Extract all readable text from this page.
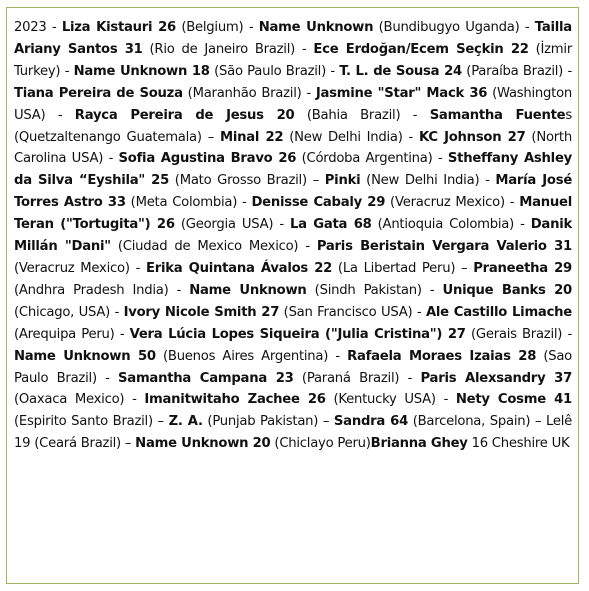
2023 - Liza Kistauri 26 (Belgium) - Name Unknown (Bundibugyo Uganda) - Tailla Ariany Santos 31 (Rio de Janeiro Brazil) - Ece Erdoğan/Ecem Seçkin 22 (İzmir Turkey) - Name Unknown 18 (São Paulo Brazil) - T. L. de Sousa 24 (Paraíba Brazil) - Tiana Pereira de Souza (Maranhão Brazil) - Jasmine "Star" Mack 36 (Washington USA) - Rayca Pereira de Jesus 20 (Bahia Brazil) - Samantha Fuentes (Quetzaltenango Guatemala) – Minal 22 (New Delhi India) - KC Johnson 27 (North Carolina USA) - Sofia Agustina Bravo 26 (Córdoba Argentina) - Stheffany Ashley da Silva “Eyshila" 25 (Mato Grosso Brazil) – Pinki (New Delhi India) - María José Torres Astro 33 (Meta Colombia) - Denisse Cabaly 29 (Veracruz Mexico) - Manuel Teran ("Tortugita") 26 (Georgia USA) - La Gata 68 (Antioquia Colombia) - Danik Millán "Dani" (Ciudad de Mexico Mexico) - Paris Beristain Vergara Valerio 31 (Veracruz Mexico) - Erika Quintana Ávalos 22 (La Libertad Peru) – Praneetha 29 (Andhra Pradesh India) - Name Unknown (Sindh Pakistan) - Unique Banks 20 (Chicago, USA) - Ivory Nicole Smith 27 (San Francisco USA) - Ale Castillo Limache (Arequipa Peru) - Vera Lúcia Lopes Siqueira ("Julia Cristina") 27 (Gerais Brazil) - Name Unknown 50 (Buenos Aires Argentina) - Rafaela Moraes Izaias 28 (Sao Paulo Brazil) - Samantha Campana 23 (Paraná Brazil) - Paris Alexsandry 37 (Oaxaca Mexico) - Imanitwitaho Zachee 26 (Kentucky USA) - Nety Cosme 41 (Espirito Santo Brazil) – Z. A. (Punjab Pakistan) – Sandra 64 (Barcelona, Spain) – Lelê 19 (Ceará Brazil) – Name Unknown 20 (Chiclayo Peru)Brianna Ghey 16 Cheshire UK
